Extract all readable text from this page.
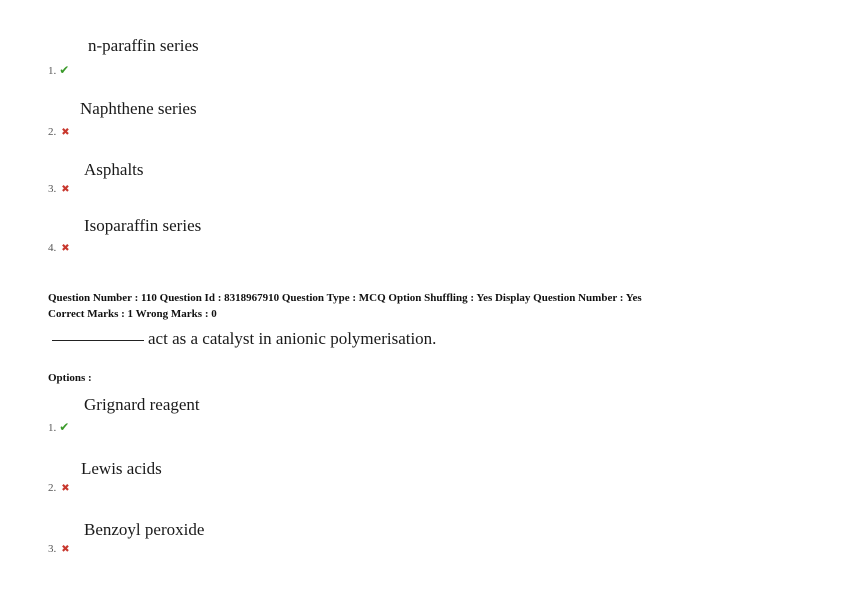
n-paraffin series
1. ✔
Naphthene series
2. ✖
Asphalts
3. ✖
Isoparaffin series
4. ✖
Question Number : 110 Question Id : 8318967910 Question Type : MCQ Option Shuffling : Yes Display Question Number : Yes
Correct Marks : 1 Wrong Marks : 0
act as a catalyst in anionic polymerisation.
Options :
Grignard reagent
1. ✔
Lewis acids
2. ✖
Benzoyl peroxide
3. ✖
